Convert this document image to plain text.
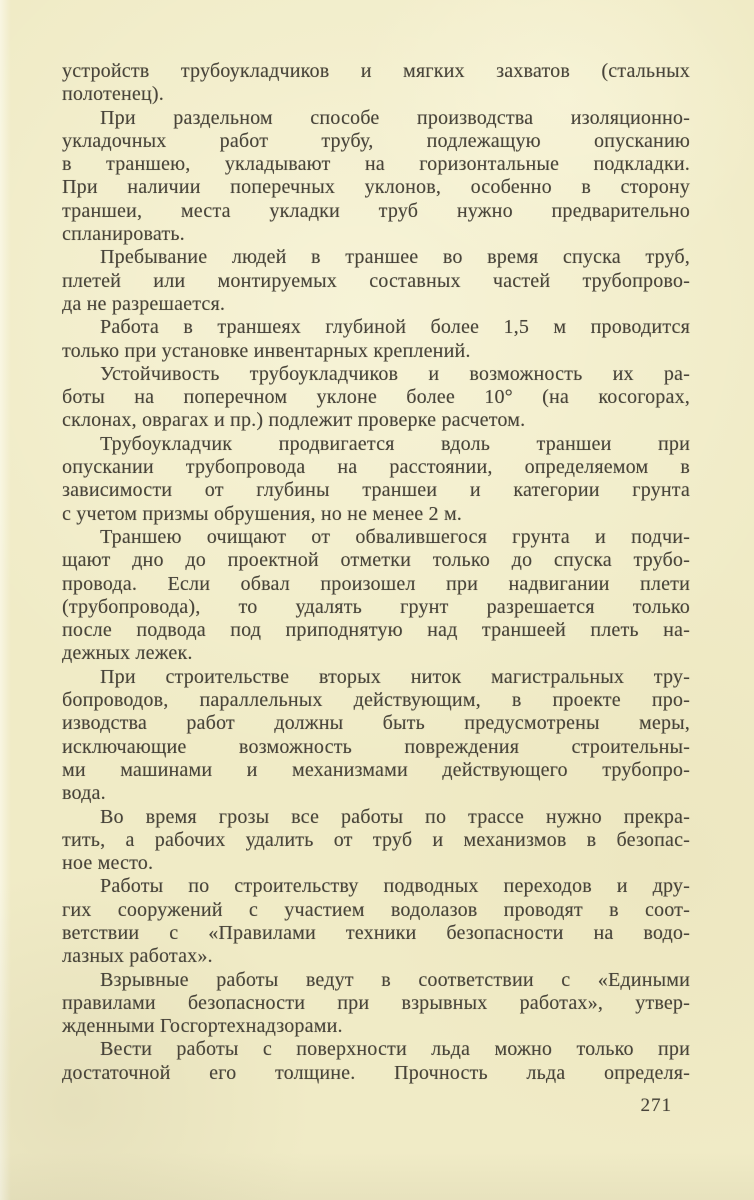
устройств трубоукладчиков и мягких захватов (стальных
полотенец).
При раздельном способе производства изоляционно-
укладочных работ трубу, подлежащую опусканию
в траншею, укладывают на горизонтальные подкладки.
При наличии поперечных уклонов, особенно в сторону
траншеи, места укладки труб нужно предварительно
спланировать.
Пребывание людей в траншее во время спуска труб,
плетей или монтируемых составных частей трубопрово-
да не разрешается.
Работа в траншеях глубиной более 1,5 м проводится
только при установке инвентарных креплений.
Устойчивость трубоукладчиков и возможность их ра-
боты на поперечном уклоне более 10° (на косогорах,
склонах, оврагах и пр.) подлежит проверке расчетом.
Трубоукладчик продвигается вдоль траншеи при
опускании трубопровода на расстоянии, определяемом в
зависимости от глубины траншеи и категории грунта
с учетом призмы обрушения, но не менее 2 м.
Траншею очищают от обвалившегося грунта и подчи-
щают дно до проектной отметки только до спуска трубо-
провода. Если обвал произошел при надвигании плети
(трубопровода), то удалять грунт разрешается только
после подвода под приподнятую над траншеей плеть на-
дежных лежек.
При строительстве вторых ниток магистральных тру-
бопроводов, параллельных действующим, в проекте про-
изводства работ должны быть предусмотрены меры,
исключающие возможность повреждения строительны-
ми машинами и механизмами действующего трубопро-
вода.
Во время грозы все работы по трассе нужно прекра-
тить, а рабочих удалить от труб и механизмов в безопас-
ное место.
Работы по строительству подводных переходов и дру-
гих сооружений с участием водолазов проводят в соот-
ветствии с «Правилами техники безопасности на водо-
лазных работах».
Взрывные работы ведут в соответствии с «Едиными
правилами безопасности при взрывных работах», утвер-
жденными Госгортехнадзорами.
Вести работы с поверхности льда можно только при
достаточной его толщине. Прочность льда определя-
271
